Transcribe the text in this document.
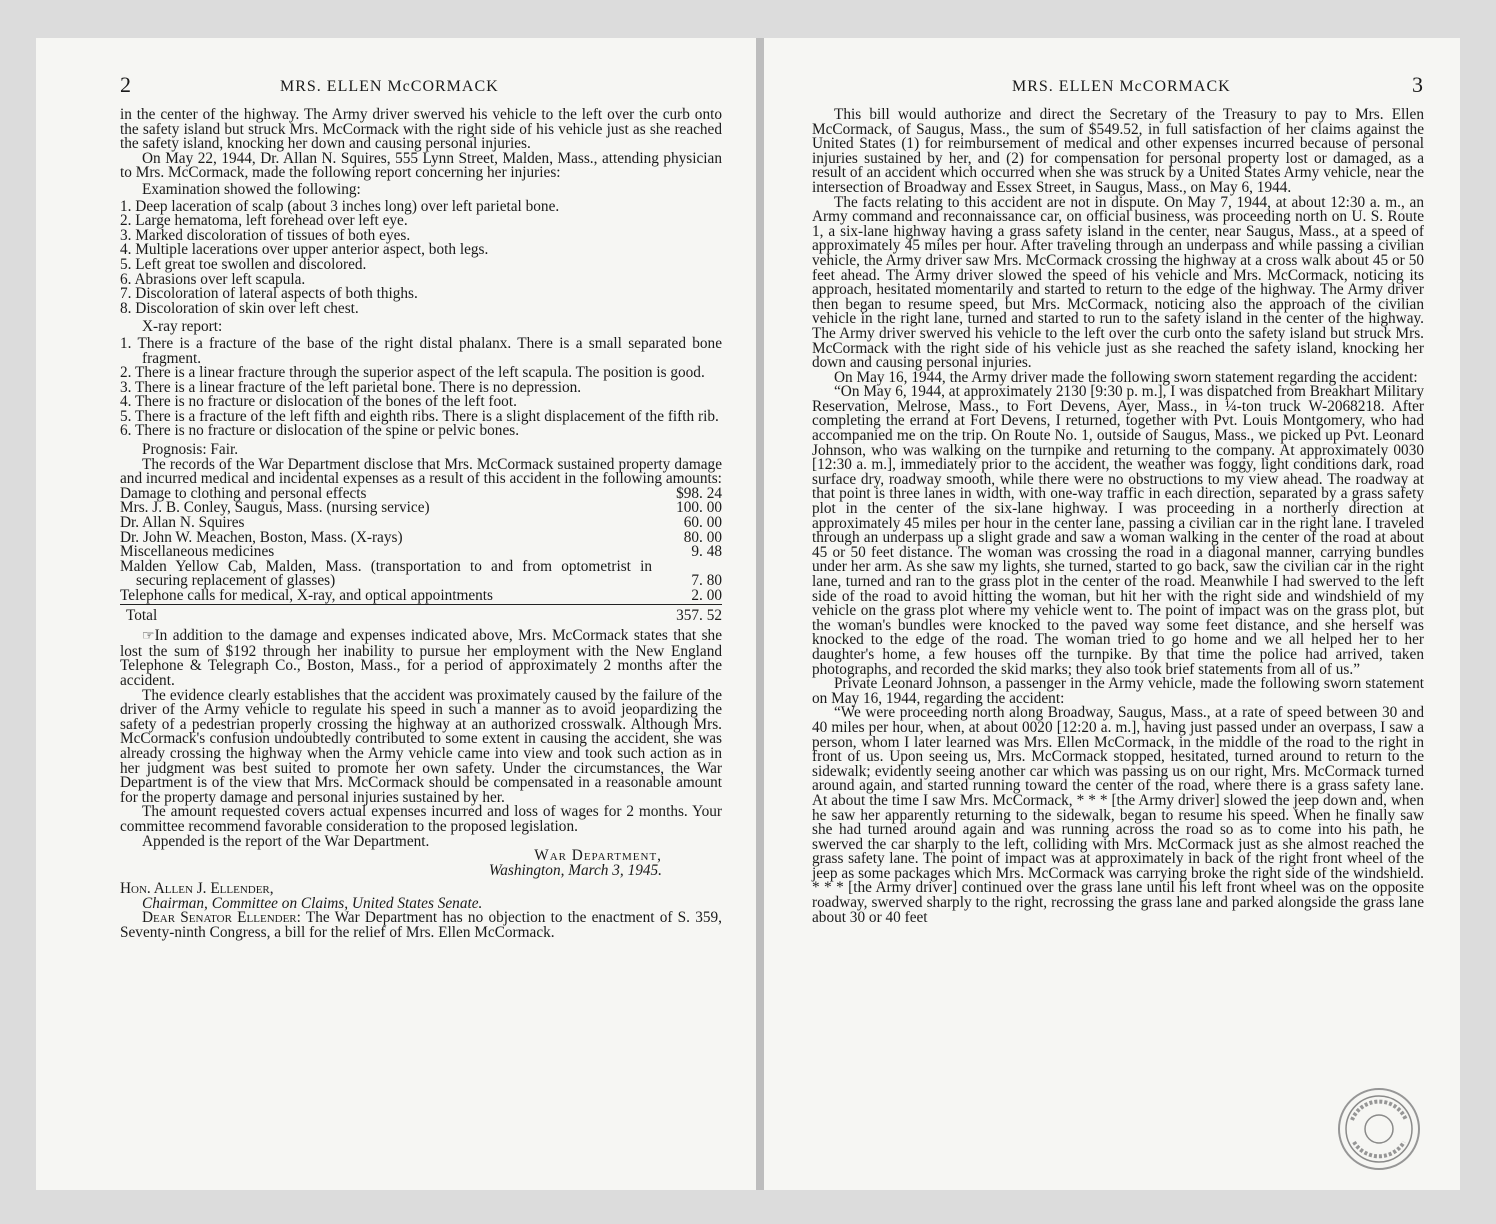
2	MRS. ELLEN McCORMACK

in the center of the highway. The Army driver swerved his vehicle to the left over the curb onto the safety island but struck Mrs. McCormack with the right side of his vehicle just as she reached the safety island, knocking her down and causing personal injuries.

On May 22, 1944, Dr. Allan N. Squires, 555 Lynn Street, Malden, Mass., attending physician to Mrs. McCormack, made the following report concerning her injuries:

Examination showed the following:
1. Deep laceration of scalp (about 3 inches long) over left parietal bone.
2. Large hematoma, left forehead over left eye.
3. Marked discoloration of tissues of both eyes.
4. Multiple lacerations over upper anterior aspect, both legs.
5. Left great toe swollen and discolored.
6. Abrasions over left scapula.
7. Discoloration of lateral aspects of both thighs.
8. Discoloration of skin over left chest.
X-ray report:
1. There is a fracture of the base of the right distal phalanx. There is a small separated bone fragment.
2. There is a linear fracture through the superior aspect of the left scapula. The position is good.
3. There is a linear fracture of the left parietal bone. There is no depression.
4. There is no fracture or dislocation of the bones of the left foot.
5. There is a fracture of the left fifth and eighth ribs. There is a slight displacement of the fifth rib.
6. There is no fracture or dislocation of the spine or pelvic bones.
Prognosis: Fair.

The records of the War Department disclose that Mrs. McCormack sustained property damage and incurred medical and incidental expenses as a result of this accident in the following amounts:

Damage to clothing and personal effects	$98. 24
Mrs. J. B. Conley, Saugus, Mass. (nursing service)	100. 00
Dr. Allan N. Squires	60. 00
Dr. John W. Meachen, Boston, Mass. (X-rays)	80. 00
Miscellaneous medicines	9. 48
Malden Yellow Cab, Malden, Mass. (transportation to and from optometrist in securing replacement of glasses)	7. 80
Telephone calls for medical, X-ray, and optical appointments	2. 00
Total	357. 52

☞In addition to the damage and expenses indicated above, Mrs. McCormack states that she lost the sum of $192 through her inability to pursue her employment with the New England Telephone & Telegraph Co., Boston, Mass., for a period of approximately 2 months after the accident.

The evidence clearly establishes that the accident was proximately caused by the failure of the driver of the Army vehicle to regulate his speed in such a manner as to avoid jeopardizing the safety of a pedestrian properly crossing the highway at an authorized crosswalk. Although Mrs. McCormack's confusion undoubtedly contributed to some extent in causing the accident, she was already crossing the highway when the Army vehicle came into view and took such action as in her judgment was best suited to promote her own safety. Under the circumstances, the War Department is of the view that Mrs. McCormack should be compensated in a reasonable amount for the property damage and personal injuries sustained by her.

The amount requested covers actual expenses incurred and loss of wages for 2 months. Your committee recommend favorable consideration to the proposed legislation.

Appended is the report of the War Department.

War Department,
Washington, March 3, 1945.
Hon. Allen J. Ellender,
Chairman, Committee on Claims, United States Senate.

Dear Senator Ellender: The War Department has no objection to the enactment of S. 359, Seventy-ninth Congress, a bill for the relief of Mrs. Ellen McCormack.

MRS. ELLEN McCORMACK	3

This bill would authorize and direct the Secretary of the Treasury to pay to Mrs. Ellen McCormack, of Saugus, Mass., the sum of $549.52, in full satisfaction of her claims against the United States (1) for reimbursement of medical and other expenses incurred because of personal injuries sustained by her, and (2) for compensation for personal property lost or damaged, as a result of an accident which occurred when she was struck by a United States Army vehicle, near the intersection of Broadway and Essex Street, in Saugus, Mass., on May 6, 1944.

The facts relating to this accident are not in dispute. On May 7, 1944, at about 12:30 a. m., an Army command and reconnaissance car, on official business, was proceeding north on U. S. Route 1, a six-lane highway having a grass safety island in the center, near Saugus, Mass., at a speed of approximately 45 miles per hour. After traveling through an underpass and while passing a civilian vehicle, the Army driver saw Mrs. McCormack crossing the highway at a cross walk about 45 or 50 feet ahead. The Army driver slowed the speed of his vehicle and Mrs. McCormack, noticing its approach, hesitated momentarily and started to return to the edge of the highway. The Army driver then began to resume speed, but Mrs. McCormack, noticing also the approach of the civilian vehicle in the right lane, turned and started to run to the safety island in the center of the highway. The Army driver swerved his vehicle to the left over the curb onto the safety island but struck Mrs. McCormack with the right side of his vehicle just as she reached the safety island, knocking her down and causing personal injuries.

On May 16, 1944, the Army driver made the following sworn statement regarding the accident:

“On May 6, 1944, at approximately 2130 [9:30 p. m.], I was dispatched from Breakhart Military Reservation, Melrose, Mass., to Fort Devens, Ayer, Mass., in ¼-ton truck W-2068218. After completing the errand at Fort Devens, I returned, together with Pvt. Louis Montgomery, who had accompanied me on the trip. On Route No. 1, outside of Saugus, Mass., we picked up Pvt. Leonard Johnson, who was walking on the turnpike and returning to the company. At approximately 0030 [12:30 a. m.], immediately prior to the accident, the weather was foggy, light conditions dark, road surface dry, roadway smooth, while there were no obstructions to my view ahead. The roadway at that point is three lanes in width, with one-way traffic in each direction, separated by a grass safety plot in the center of the six-lane highway. I was proceeding in a northerly direction at approximately 45 miles per hour in the center lane, passing a civilian car in the right lane. I traveled through an underpass up a slight grade and saw a woman walking in the center of the road at about 45 or 50 feet distance. The woman was crossing the road in a diagonal manner, carrying bundles under her arm. As she saw my lights, she turned, started to go back, saw the civilian car in the right lane, turned and ran to the grass plot in the center of the road. Meanwhile I had swerved to the left side of the road to avoid hitting the woman, but hit her with the right side and windshield of my vehicle on the grass plot where my vehicle went to. The point of impact was on the grass plot, but the woman's bundles were knocked to the paved way some feet distance, and she herself was knocked to the edge of the road. The woman tried to go home and we all helped her to her daughter's home, a few houses off the turnpike. By that time the police had arrived, taken photographs, and recorded the skid marks; they also took brief statements from all of us.”

Private Leonard Johnson, a passenger in the Army vehicle, made the following sworn statement on May 16, 1944, regarding the accident:

“We were proceeding north along Broadway, Saugus, Mass., at a rate of speed between 30 and 40 miles per hour, when, at about 0020 [12:20 a. m.], having just passed under an overpass, I saw a person, whom I later learned was Mrs. Ellen McCormack, in the middle of the road to the right in front of us. Upon seeing us, Mrs. McCormack stopped, hesitated, turned around to return to the sidewalk; evidently seeing another car which was passing us on our right, Mrs. McCormack turned around again, and started running toward the center of the road, where there is a grass safety lane. At about the time I saw Mrs. McCormack, * * * [the Army driver] slowed the jeep down and, when he saw her apparently returning to the sidewalk, began to resume his speed. When he finally saw she had turned around again and was running across the road so as to come into his path, he swerved the car sharply to the left, colliding with Mrs. McCormack just as she almost reached the grass safety lane. The point of impact was at approximately in back of the right front wheel of the jeep as some packages which Mrs. McCormack was carrying broke the right side of the windshield. * * * [the Army driver] continued over the grass lane until his left front wheel was on the opposite roadway, swerved sharply to the right, recrossing the grass lane and parked alongside the grass lane about 30 or 40 feet
